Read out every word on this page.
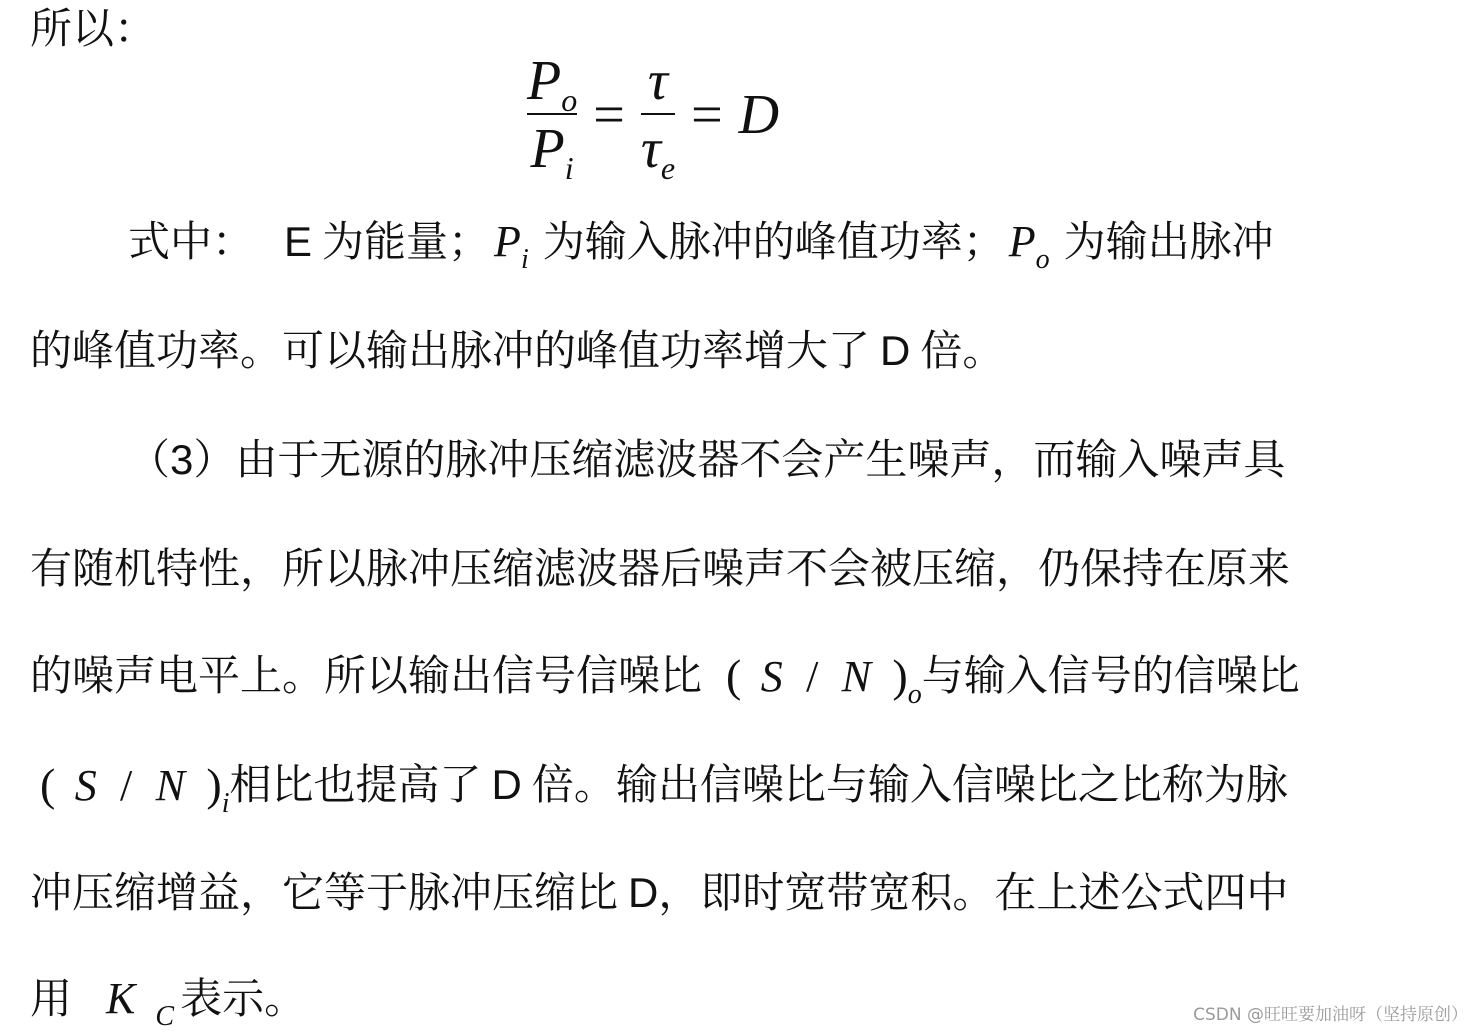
所以：
$\frac{\text{P o}}{\text{P i}} = \frac{\tau}{\text{τ e}} = D$
式中： E 为能量； $P_i$ 为输入脉冲的峰值功率； $P_o$ 为输出脉冲
的峰值功率。可以输出脉冲的峰值功率增大了 D 倍。
（ 3 ）由于无源的脉冲压缩滤波器不会产生噪声，而输入噪声具
有随机特性，所以脉冲压缩滤波器后噪声不会被压缩，仍保持在原来
的噪声电平上。所以输出信号信噪比 ( S / N )$_o$ 与输入信号的信噪比
( S / N )$_i$ 相比也提高了 D 倍。输出信噪比与输入信噪比之比称为脉
冲压缩增益，它等于脉冲压缩比 D ，即时宽带宽积。在上述公式四中
用 K $_C$ 表示。	CSDN @旺旺要加油呀（坚持原创）
